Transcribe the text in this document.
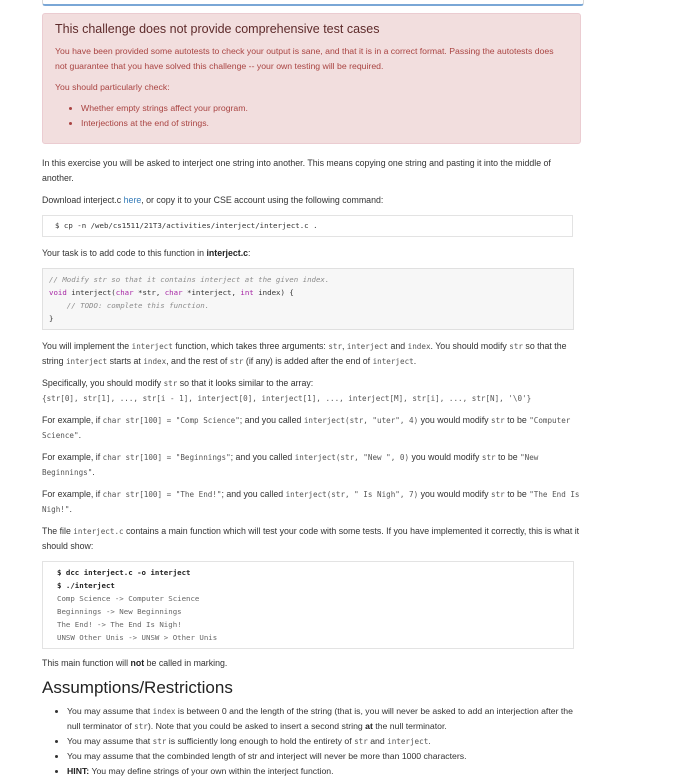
This challenge does not provide comprehensive test cases

You have been provided some autotests to check your output is sane, and that it is in a correct format. Passing the autotests does not guarantee that you have solved this challenge -- your own testing will be required.

You should particularly check:

• Whether empty strings affect your program.
• Interjections at the end of strings.

In this exercise you will be asked to interject one string into another. This means copying one string and pasting it into the middle of another.

Download interject.c here, or copy it to your CSE account using the following command:

$ cp -n /web/cs1511/21T3/activities/interject/interject.c .

Your task is to add code to this function in interject.c:

// Modify str so that it contains interject at the given index.
void interject(char *str, char *interject, int index) {
// TODO: complete this function.
}

You will implement the interject function, which takes three arguments: str, interject and index. You should modify str so that the string interject starts at index, and the rest of str (if any) is added after the end of interject.

Specifically, you should modify str so that it looks similar to the array:
{str[0], str[1], ..., str[i - 1], interject[0], interject[1], ..., interject[M], str[i], ..., str[N], '\0'}

For example, if char str[100] = "Comp Science"; and you called interject(str, "uter", 4) you would modify str to be "Computer Science".

For example, if char str[100] = "Beginnings"; and you called interject(str, "New ", 0) you would modify str to be "New Beginnings".

For example, if char str[100] = "The End!"; and you called interject(str, " Is Nigh", 7) you would modify str to be "The End Is Nigh!".

The file interject.c contains a main function which will test your code with some tests. If you have implemented it correctly, this is what it should show:

$ dcc interject.c -o interject
$ ./interject
Comp Science -> Computer Science
Beginnings -> New Beginnings
The End! -> The End Is Nigh!
UNSW Other Unis -> UNSW > Other Unis

This main function will not be called in marking.

Assumptions/Restrictions
• You may assume that index is between 0 and the length of the string (that is, you will never be asked to add an interjection after the null terminator of str). Note that you could be asked to insert a second string at the null terminator.
• You may assume that str is sufficiently long enough to hold the entirety of str and interject.
• You may assume that the combinded length of str and interject will never be more than 1000 characters.
• HINT: You may define strings of your own within the interject function.
